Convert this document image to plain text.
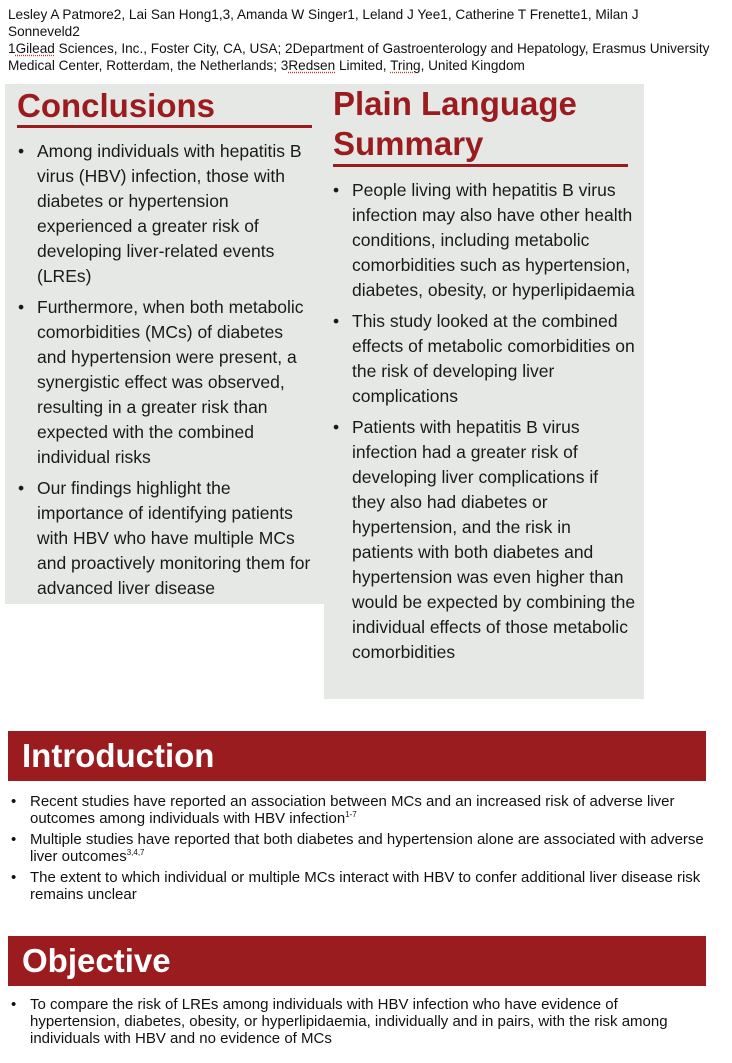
Lesley A Patmore2, Lai San Hong1,3, Amanda W Singer1, Leland J Yee1, Catherine T Frenette1, Milan J
Sonneveld2

1Gilead Sciences, Inc., Foster City, CA, USA; 2Department of Gastroenterology and Hepatology, Erasmus University Medical Center, Rotterdam, the Netherlands; 3Redsen Limited, Tring, United Kingdom

Conclusions
• Among individuals with hepatitis B virus (HBV) infection, those with diabetes or hypertension experienced a greater risk of developing liver-related events (LREs)
• Furthermore, when both metabolic comorbidities (MCs) of diabetes and hypertension were present, a synergistic effect was observed, resulting in a greater risk than expected with the combined individual risks
• Our findings highlight the importance of identifying patients with HBV who have multiple MCs and proactively monitoring them for advanced liver disease
Plain Language
Summary
• People living with hepatitis B virus infection may also have other health conditions, including metabolic comorbidities such as hypertension, diabetes, obesity, or hyperlipidaemia
• This study looked at the combined effects of metabolic comorbidities on the risk of developing liver complications
• Patients with hepatitis B virus infection had a greater risk of developing liver complications if they also had diabetes or hypertension, and the risk in patients with both diabetes and hypertension was even higher than would be expected by combining the individual effects of those metabolic comorbidities
Introduction
• Recent studies have reported an association between MCs and an increased risk of adverse liver outcomes among individuals with HBV infection$^{1-7}$
• Multiple studies have reported that both diabetes and hypertension alone are associated with adverse liver outcomes$^{3,4,7}$
• The extent to which individual or multiple MCs interact with HBV to confer additional liver disease risk remains unclear
Objective
• To compare the risk of LREs among individuals with HBV infection who have evidence of hypertension, diabetes, obesity, or hyperlipidaemia, individually and in pairs, with the risk among individuals with HBV and no evidence of MCs
